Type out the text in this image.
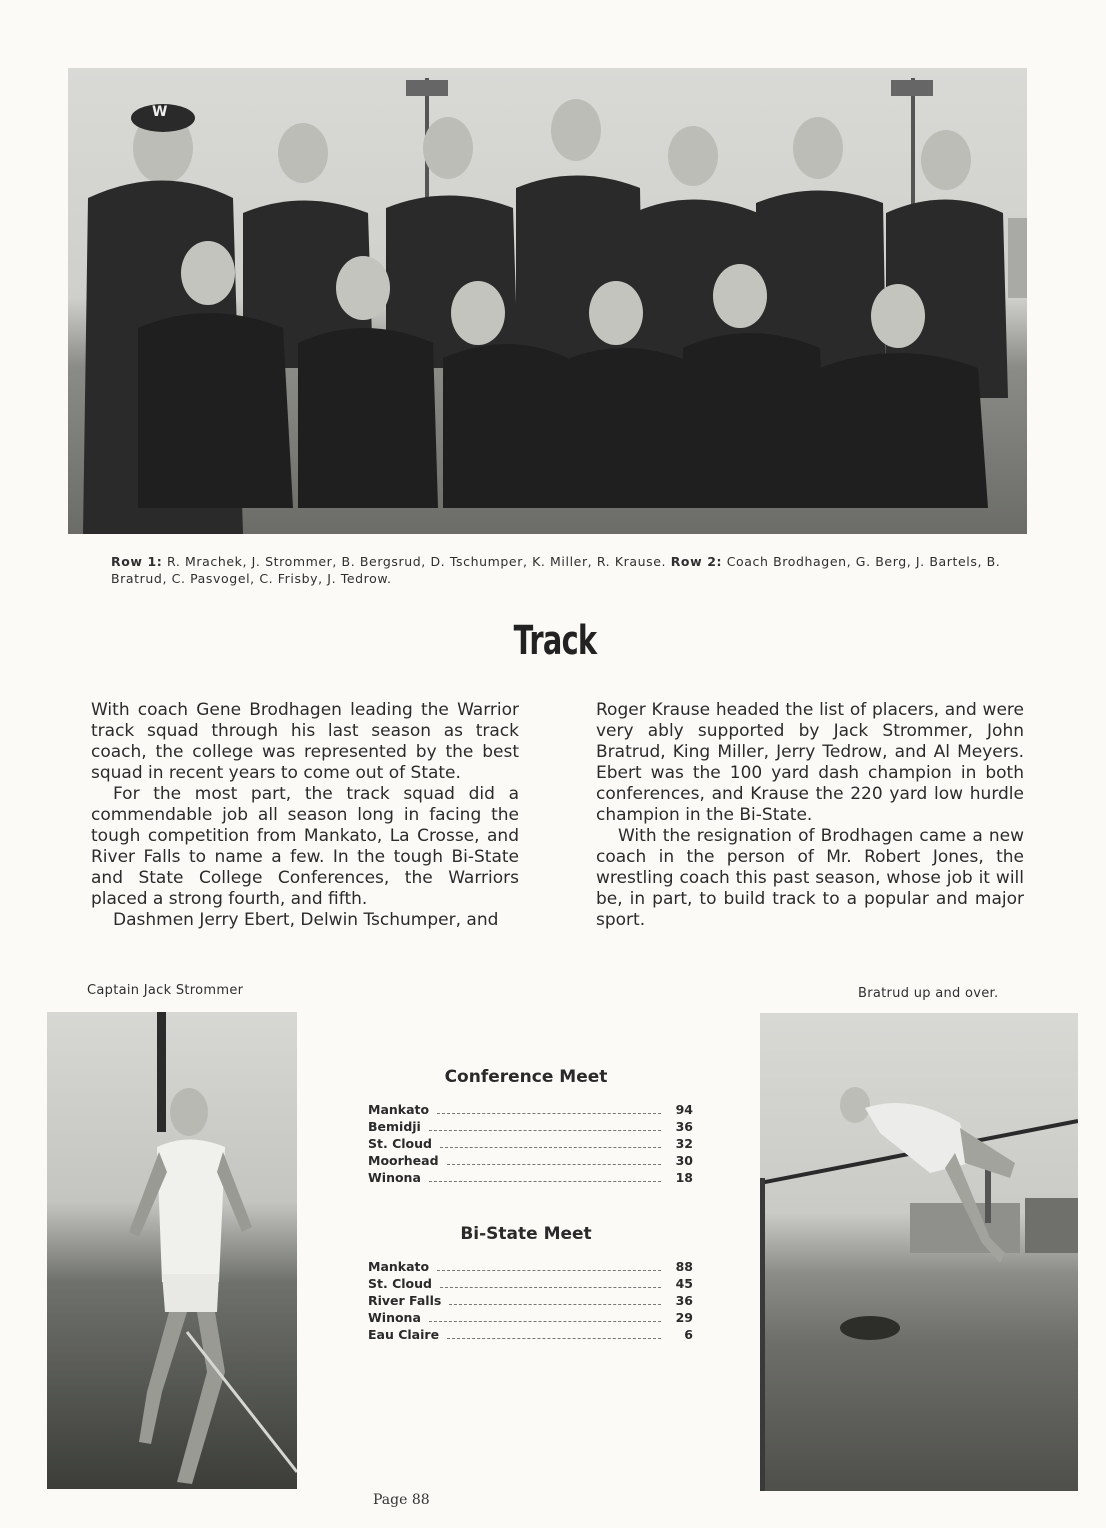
W
Row 1: R. Mrachek, J. Strommer, B. Bergsrud, D. Tschumper, K. Miller, R. Krause. Row 2: Coach Brodhagen, G. Berg, J. Bartels, B. Bratrud, C. Pasvogel, C. Frisby, J. Tedrow.
Track

With coach Gene Brodhagen leading the Warrior track squad through his last season as track coach, the college was represented by the best squad in recent years to come out of State.

For the most part, the track squad did a commendable job all season long in facing the tough competition from Mankato, La Crosse, and River Falls to name a few. In the tough Bi-State and State College Conferences, the Warriors placed a strong fourth, and fifth.

Dashmen Jerry Ebert, Delwin Tschumper, and

Roger Krause headed the list of placers, and were very ably supported by Jack Strommer, John Bratrud, King Miller, Jerry Tedrow, and Al Meyers. Ebert was the 100 yard dash champion in both conferences, and Krause the 220 yard low hurdle champion in the Bi-State.

With the resignation of Brodhagen came a new coach in the person of Mr. Robert Jones, the wrestling coach this past season, whose job it will be, in part, to build track to a popular and major sport.

Captain Jack Strommer	Bratrud up and over.
Conference Meet
Mankato	94
Bemidji	36
St. Cloud	32
Moorhead	30
Winona	18
Bi-State Meet
Mankato	88
St. Cloud	45
River Falls	36
Winona	29
Eau Claire	6
Page 88
